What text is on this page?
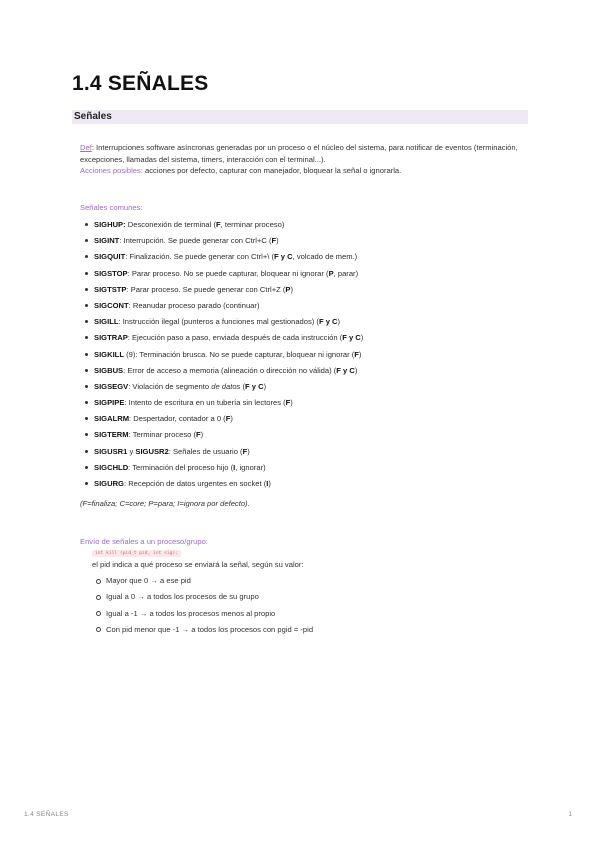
1.4 SEÑALES
Señales
Def: Interrupciones software asíncronas generadas por un proceso o el núcleo del sistema, para notificar de eventos (terminación, excepciones, llamadas del sistema, timers, interacción con el terminal...).
Acciones posibles: acciones por defecto, capturar con manejador, bloquear la señal o ignorarla.
Señales comunes:
SIGHUP: Desconexión de terminal (F, terminar proceso)
SIGINT: Interrupción. Se puede generar con Ctrl+C (F)
SIGQUIT: Finalización. Se puede generar con Ctrl+\ (F y C, volcado de mem.)
SIGSTOP: Parar proceso. No se puede capturar, bloquear ni ignorar (P, parar)
SIGTSTP: Parar proceso. Se puede generar con Ctrl+Z (P)
SIGCONT: Reanudar proceso parado (continuar)
SIGILL: Instrucción ilegal (punteros a funciones mal gestionados) (F y C)
SIGTRAP: Ejecución paso a paso, enviada después de cada instrucción (F y C)
SIGKILL (9): Terminación brusca. No se puede capturar, bloquear ni ignorar (F)
SIGBUS: Error de acceso a memoria (alineación o dirección no válida) (F y C)
SIGSEGV: Violación de segmento de datos (F y C)
SIGPIPE: Intento de escritura en un tubería sin lectores (F)
SIGALRM: Despertador, contador a 0 (F)
SIGTERM: Terminar proceso (F)
SIGUSR1 y SIGUSR2: Señales de usuario (F)
SIGCHLD: Terminación del proceso hijo (I, ignorar)
SIGURG: Recepción de datos urgentes en socket (I)
(F=finaliza; C=core; P=para; I=ignora por defecto).
Envío de señales a un proceso/grupo:
int kill (pid_t pid, int sig);
el pid indica a qué proceso se enviará la señal, según su valor:
Mayor que 0 → a ese pid
Igual a 0 → a todos los procesos de su grupo
Igual a -1 → a todos los procesos menos al propio
Con pid menor que -1 → a todos los procesos con pgid = -pid
1.4 SEÑALES	1
